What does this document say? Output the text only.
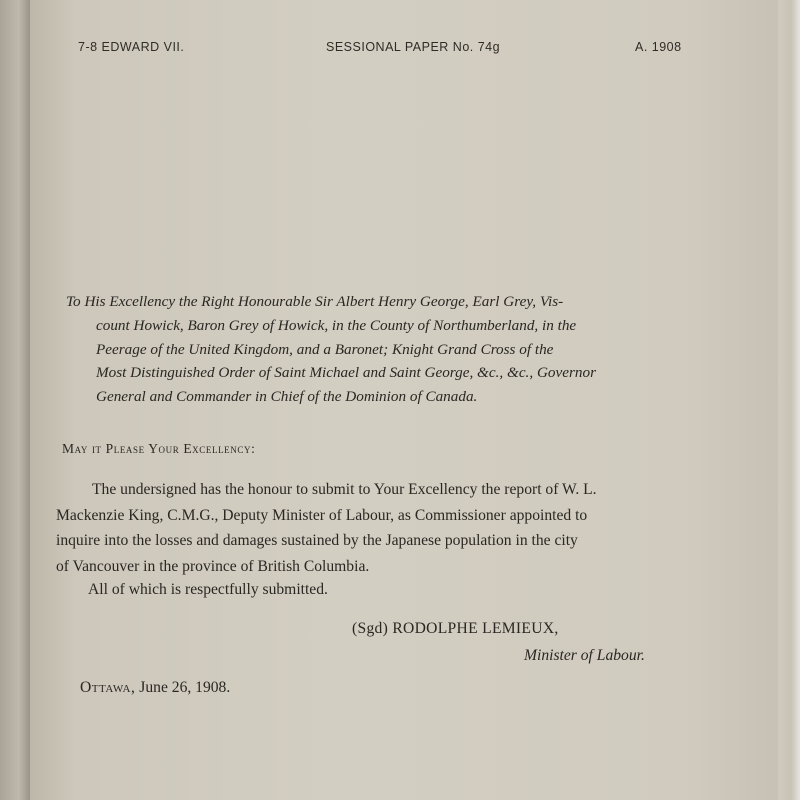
7-8 EDWARD VII.	SESSIONAL PAPER No. 74g	A. 1908
To His Excellency the Right Honourable Sir Albert Henry George, Earl Grey, Vis-
count Howick, Baron Grey of Howick, in the County of Northumberland, in the
Peerage of the United Kingdom, and a Baronet; Knight Grand Cross of the
Most Distinguished Order of Saint Michael and Saint George, &c., &c., Governor
General and Commander in Chief of the Dominion of Canada.
May it Please Your Excellency:
The undersigned has the honour to submit to Your Excellency the report of W. L.
Mackenzie King, C.M.G., Deputy Minister of Labour, as Commissioner appointed to
inquire into the losses and damages sustained by the Japanese population in the city
of Vancouver in the province of British Columbia.
All of which is respectfully submitted.
(Sgd) RODOLPHE LEMIEUX,
Minister of Labour.
Ottawa, June 26, 1908.
